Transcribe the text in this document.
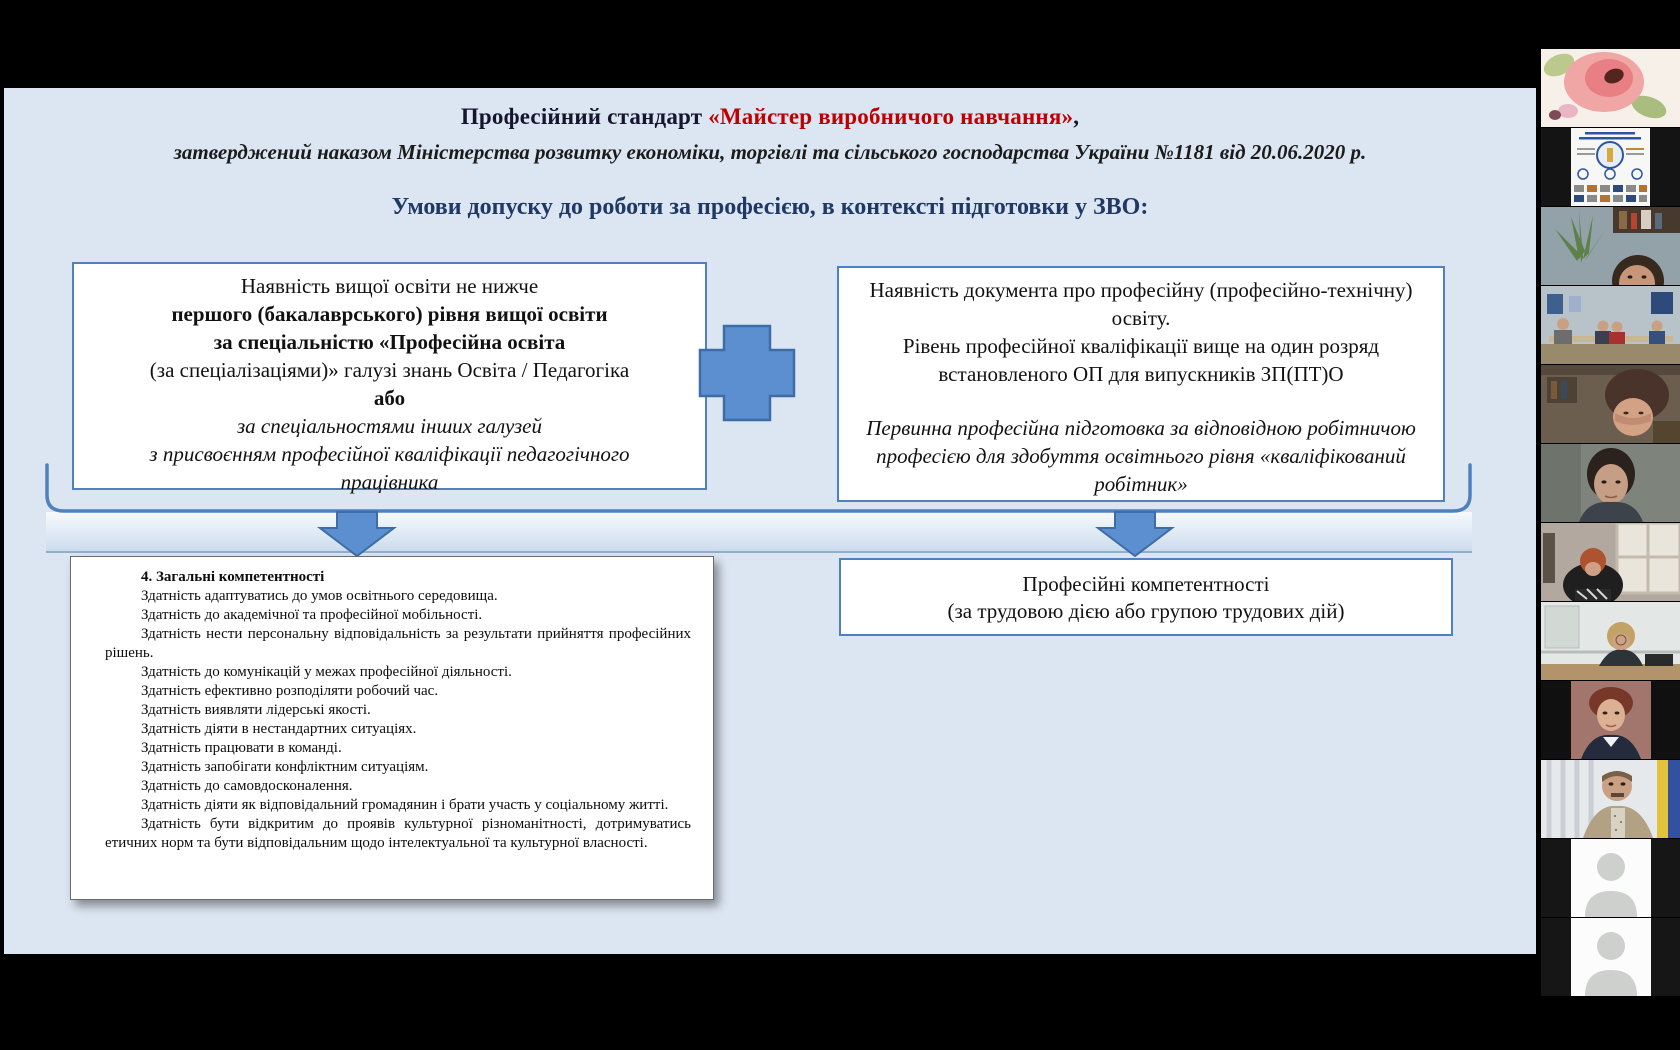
Професійний стандарт «Майстер виробничого навчання»,
затверджений наказом Міністерства розвитку економіки, торгівлі та сільського господарства України №1181 від 20.06.2020 р.
Умови допуску до роботи за професією, в контексті підготовки у ЗВО:
Наявність вищої освіти не нижче
першого (бакалаврського) рівня вищої освіти
за спеціальністю «Професійна освіта
(за спеціалізаціями)» галузі знань Освіта / Педагогіка
або
за спеціальностями інших галузей
з присвоєнням професійної кваліфікації педагогічного
працівника

Наявність документа про професійну (професійно-технічну) освіту.

Рівень професійної кваліфікації вище на один розряд встановленого ОП для випускників ЗП(ПТ)О

Первинна професійна підготовка за відповідною робітничою професією для здобуття освітнього рівня «кваліфікований робітник»

4. Загальні компетентності

Здатність адаптуватись до умов освітнього середовища.

Здатність до академічної та професійної мобільності.

Здатність нести персональну відповідальність за результати прийняття професійних рішень.

Здатність до комунікацій у межах професійної діяльності.

Здатність ефективно розподіляти робочий час.

Здатність виявляти лідерські якості.

Здатність діяти в нестандартних ситуаціях.

Здатність працювати в команді.

Здатність запобігати конфліктним ситуаціям.

Здатність до самовдосконалення.

Здатність діяти як відповідальний громадянин і брати участь у соціальному житті.

Здатність бути відкритим до проявів культурної різноманітності, дотримуватись етичних норм та бути відповідальним щодо інтелектуальної та культурної власності.

Професійні компетентності
(за трудовою дією або групою трудових дій)
